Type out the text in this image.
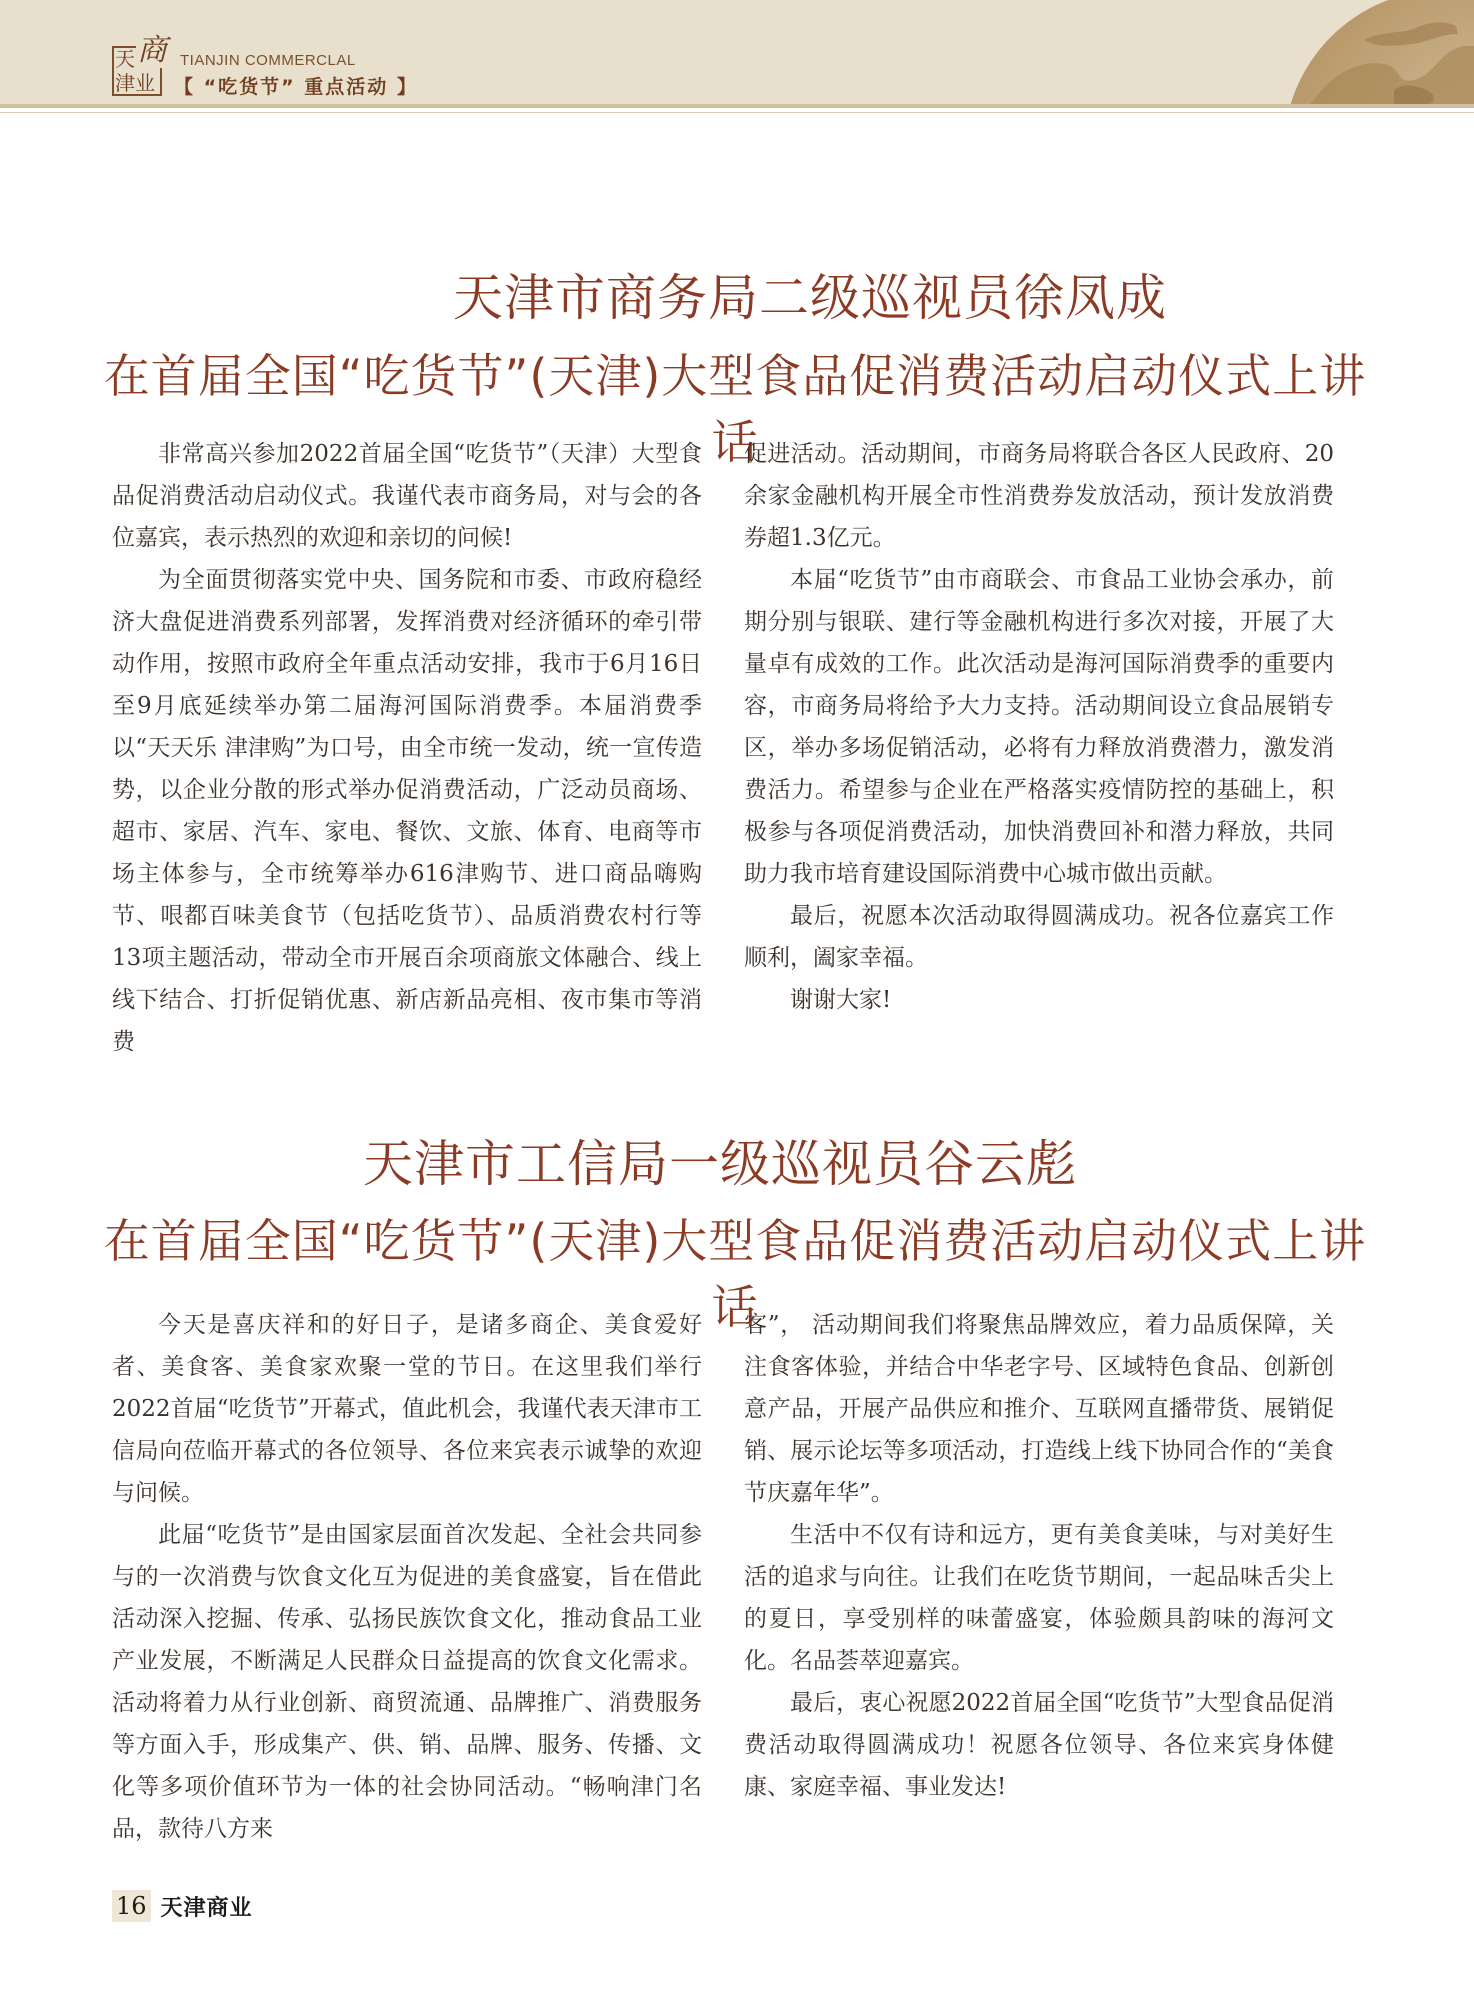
天 商
津业
TIANJIN COMMERCLAL
【 “吃货节” 重点活动 】
天津市商务局二级巡视员徐凤成
在首届全国“吃货节”(天津)大型食品促消费活动启动仪式上讲话

非常高兴参加2022首届全国“吃货节”（天津）大型食品促消费活动启动仪式。我谨代表市商务局，对与会的各位嘉宾，表示热烈的欢迎和亲切的问候!

为全面贯彻落实党中央、国务院和市委、市政府稳经济大盘促进消费系列部署，发挥消费对经济循环的牵引带动作用，按照市政府全年重点活动安排，我市于6月16日至9月底延续举办第二届海河国际消费季。本届消费季以“天天乐 津津购”为口号，由全市统一发动，统一宣传造势，以企业分散的形式举办促消费活动，广泛动员商场、超市、家居、汽车、家电、餐饮、文旅、体育、电商等市场主体参与，全市统筹举办616津购节、进口商品嗨购节、哏都百味美食节（包括吃货节）、品质消费农村行等13项主题活动，带动全市开展百余项商旅文体融合、线上线下结合、打折促销优惠、新店新品亮相、夜市集市等消费

促进活动。活动期间，市商务局将联合各区人民政府、20余家金融机构开展全市性消费券发放活动，预计发放消费券超1.3亿元。

本届“吃货节”由市商联会、市食品工业协会承办，前期分别与银联、建行等金融机构进行多次对接，开展了大量卓有成效的工作。此次活动是海河国际消费季的重要内容，市商务局将给予大力支持。活动期间设立食品展销专区，举办多场促销活动，必将有力释放消费潜力，激发消费活力。希望参与企业在严格落实疫情防控的基础上，积极参与各项促消费活动，加快消费回补和潜力释放，共同助力我市培育建设国际消费中心城市做出贡献。

最后，祝愿本次活动取得圆满成功。祝各位嘉宾工作顺利，阖家幸福。

谢谢大家!

天津市工信局一级巡视员谷云彪
在首届全国“吃货节”(天津)大型食品促消费活动启动仪式上讲话

今天是喜庆祥和的好日子，是诸多商企、美食爱好者、美食客、美食家欢聚一堂的节日。在这里我们举行2022首届“吃货节”开幕式，值此机会，我谨代表天津市工信局向莅临开幕式的各位领导、各位来宾表示诚挚的欢迎与问候。

此届“吃货节”是由国家层面首次发起、全社会共同参与的一次消费与饮食文化互为促进的美食盛宴，旨在借此活动深入挖掘、传承、弘扬民族饮食文化，推动食品工业产业发展，不断满足人民群众日益提高的饮食文化需求。活动将着力从行业创新、商贸流通、品牌推广、消费服务等方面入手，形成集产、供、销、品牌、服务、传播、文化等多项价值环节为一体的社会协同活动。“畅响津门名品，款待八方来

客”， 活动期间我们将聚焦品牌效应，着力品质保障，关注食客体验，并结合中华老字号、区域特色食品、创新创意产品，开展产品供应和推介、互联网直播带货、展销促销、展示论坛等多项活动，打造线上线下协同合作的“美食节庆嘉年华”。

生活中不仅有诗和远方，更有美食美味，与对美好生活的追求与向往。让我们在吃货节期间，一起品味舌尖上的夏日，享受别样的味蕾盛宴，体验颇具韵味的海河文化。名品荟萃迎嘉宾。

最后，衷心祝愿2022首届全国“吃货节”大型食品促消费活动取得圆满成功！祝愿各位领导、各位来宾身体健康、家庭幸福、事业发达!

16 天津商业
